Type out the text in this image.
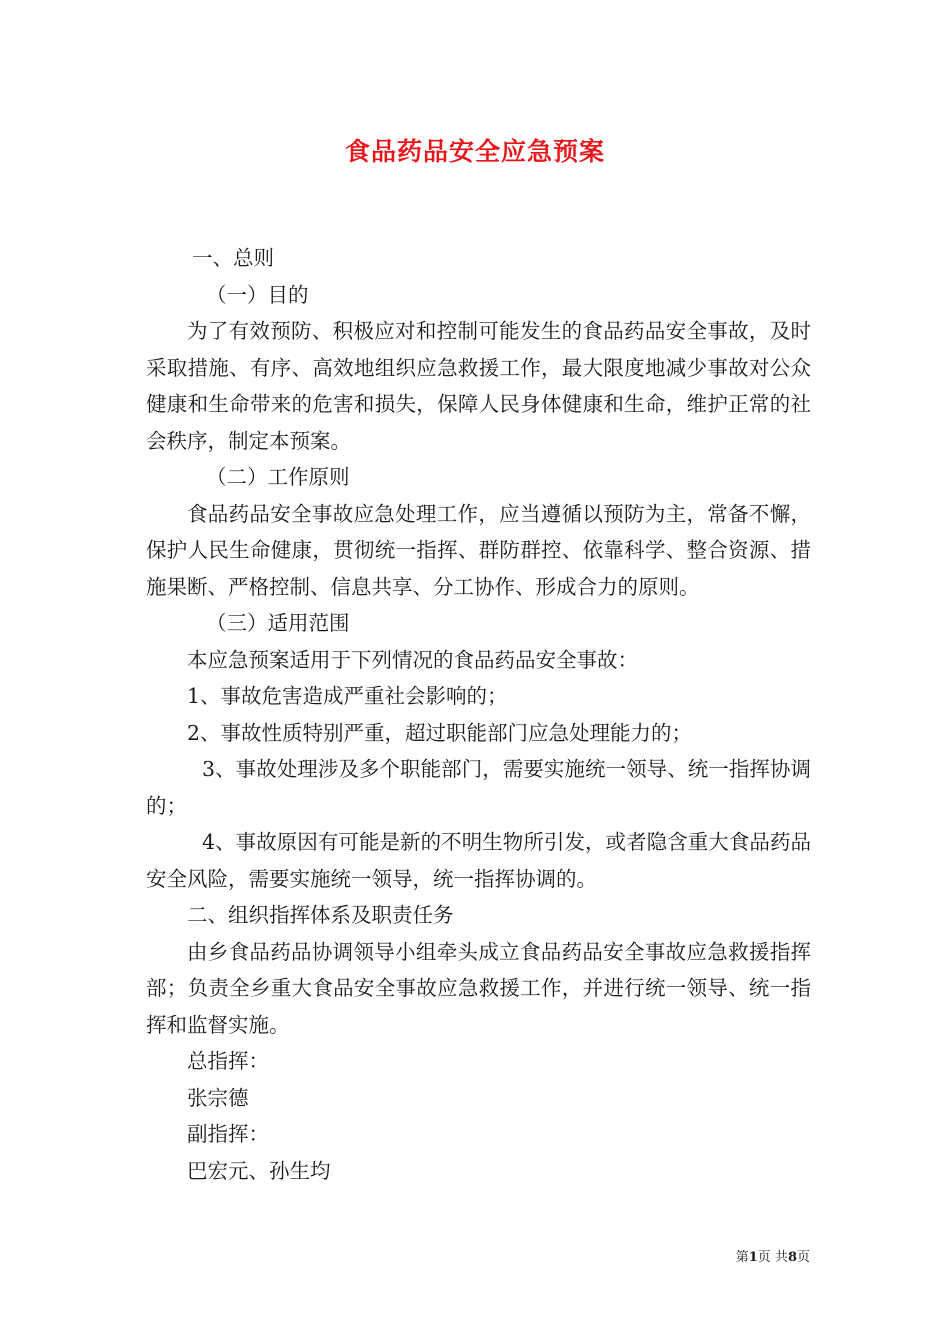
食品药品安全应急预案

一、总则

（一）目的

为了有效预防、积极应对和控制可能发生的食品药品安全事故，及时采取措施、有序、高效地组织应急救援工作，最大限度地减少事故对公众健康和生命带来的危害和损失，保障人民身体健康和生命，维护正常的社会秩序，制定本预案。

（二）工作原则

食品药品安全事故应急处理工作，应当遵循以预防为主，常备不懈，保护人民生命健康，贯彻统一指挥、群防群控、依靠科学、整合资源、措施果断、严格控制、信息共享、分工协作、形成合力的原则。

（三）适用范围

本应急预案适用于下列情况的食品药品安全事故：

1、事故危害造成严重社会影响的；

2、事故性质特别严重，超过职能部门应急处理能力的；

3、事故处理涉及多个职能部门，需要实施统一领导、统一指挥协调的；

4、事故原因有可能是新的不明生物所引发，或者隐含重大食品药品安全风险，需要实施统一领导，统一指挥协调的。

二、组织指挥体系及职责任务

由乡食品药品协调领导小组牵头成立食品药品安全事故应急救援指挥部；负责全乡重大食品安全事故应急救援工作，并进行统一领导、统一指挥和监督实施。

总指挥：

张宗德

副指挥：

巴宏元、孙生均

第1页 共8页
